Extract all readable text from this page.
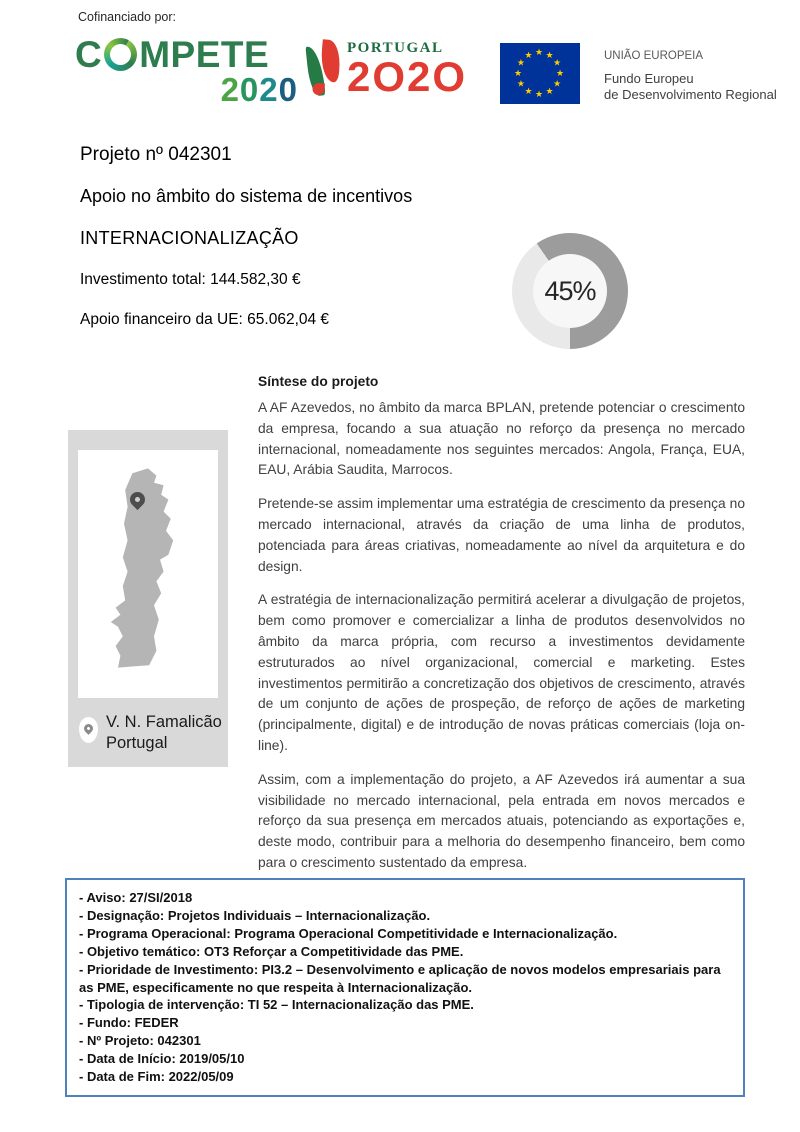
Cofinanciado por:
C MPETE
2020
PORTUGAL
2O2O	UNIÃO EUROPEIA
Fundo Europeu
de Desenvolvimento Regional
Projeto nº 042301
Apoio no âmbito do sistema de incentivos
INTERNACIONALIZAÇÃO
Investimento total: 144.582,30 €
Apoio financeiro da UE: 65.062,04 €
45%
V. N. Famalicão
Portugal
Síntese do projeto

A AF Azevedos, no âmbito da marca BPLAN, pretende potenciar o crescimento da empresa, focando a sua atuação no reforço da presença no mercado internacional, nomeadamente nos seguintes mercados: Angola, França, EUA, EAU, Arábia Saudita, Marrocos.

Pretende-se assim implementar uma estratégia de crescimento da presença no mercado internacional, através da criação de uma linha de produtos, potenciada para áreas criativas, nomeadamente ao nível da arquitetura e do design.

A estratégia de internacionalização permitirá acelerar a divulgação de projetos, bem como promover e comercializar a linha de produtos desenvolvidos no âmbito da marca própria, com recurso a investimentos devidamente estruturados ao nível organizacional, comercial e marketing. Estes investimentos permitirão a concretização dos objetivos de crescimento, através de um conjunto de ações de prospeção, de reforço de ações de marketing (principalmente, digital) e de introdução de novas práticas comerciais (loja on-line).

Assim, com a implementação do projeto, a AF Azevedos irá aumentar a sua visibilidade no mercado internacional, pela entrada em novos mercados e reforço da sua presença em mercados atuais, potenciando as exportações e, deste modo, contribuir para a melhoria do desempenho financeiro, bem como para o crescimento sustentado da empresa.

- Aviso: 27/SI/2018
- Designação: Projetos Individuais – Internacionalização.
- Programa Operacional: Programa Operacional Competitividade e Internacionalização.
- Objetivo temático: OT3 Reforçar a Competitividade das PME.
- Prioridade de Investimento: PI3.2 – Desenvolvimento e aplicação de novos modelos empresariais para as PME, especificamente no que respeita à Internacionalização.
- Tipologia de intervenção: TI 52 – Internacionalização das PME.
- Fundo: FEDER
- Nº Projeto: 042301
- Data de Início: 2019/05/10
- Data de Fim: 2022/05/09
